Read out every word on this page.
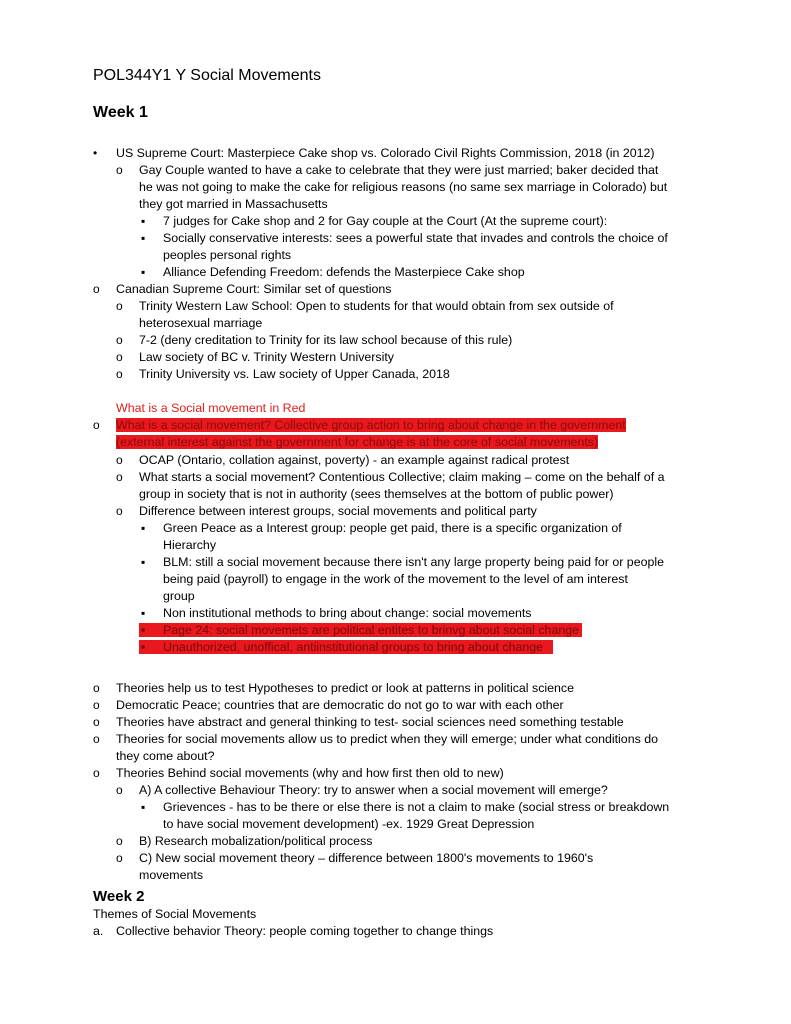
POL344Y1 Y Social Movements
Week 1
• US Supreme Court: Masterpiece Cake shop vs. Colorado Civil Rights Commission, 2018 (in 2012)
o Gay Couple wanted to have a cake to celebrate that they were just married; baker decided that
he was not going to make the cake for religious reasons (no same sex marriage in Colorado) but
they got married in Massachusetts
▪ 7 judges for Cake shop and 2 for Gay couple at the Court (At the supreme court):
▪ Socially conservative interests: sees a powerful state that invades and controls the choice of
peoples personal rights
▪ Alliance Defending Freedom: defends the Masterpiece Cake shop
o Canadian Supreme Court: Similar set of questions
o Trinity Western Law School: Open to students for that would obtain from sex outside of
heterosexual marriage
o 7-2 (deny creditation to Trinity for its law school because of this rule)
o Law society of BC v. Trinity Western University
o Trinity University vs. Law society of Upper Canada, 2018
What is a Social movement in Red
o What is a social movement? Collective group action to bring about change in the government
(external interest against the government for change is at the core of social movements)
o OCAP (Ontario, collation against, poverty) - an example against radical protest
o What starts a social movement? Contentious Collective; claim making – come on the behalf of a
group in society that is not in authority (sees themselves at the bottom of public power)
o Difference between interest groups, social movements and political party
▪ Green Peace as a Interest group: people get paid, there is a specific organization of
Hierarchy
▪ BLM: still a social movement because there isn't any large property being paid for or people
being paid (payroll) to engage in the work of the movement to the level of am interest
group
▪ Non institutional methods to bring about change: social movements
▪ Page 24: social movemets are political entites to brinvg about social change
▪ Unauthorized, unoffical, antiinstitutional groups to bring about change
o Theories help us to test Hypotheses to predict or look at patterns in political science
o Democratic Peace; countries that are democratic do not go to war with each other
o Theories have abstract and general thinking to test- social sciences need something testable
o Theories for social movements allow us to predict when they will emerge; under what conditions do
they come about?
o Theories Behind social movements (why and how first then old to new)
o A) A collective Behaviour Theory: try to answer when a social movement will emerge?
▪ Grievences - has to be there or else there is not a claim to make (social stress or breakdown
to have social movement development) -ex. 1929 Great Depression
o B) Research mobalization/political process
o C) New social movement theory – difference between 1800's movements to 1960's
movements
Week 2
Themes of Social Movements
a. Collective behavior Theory: people coming together to change things
